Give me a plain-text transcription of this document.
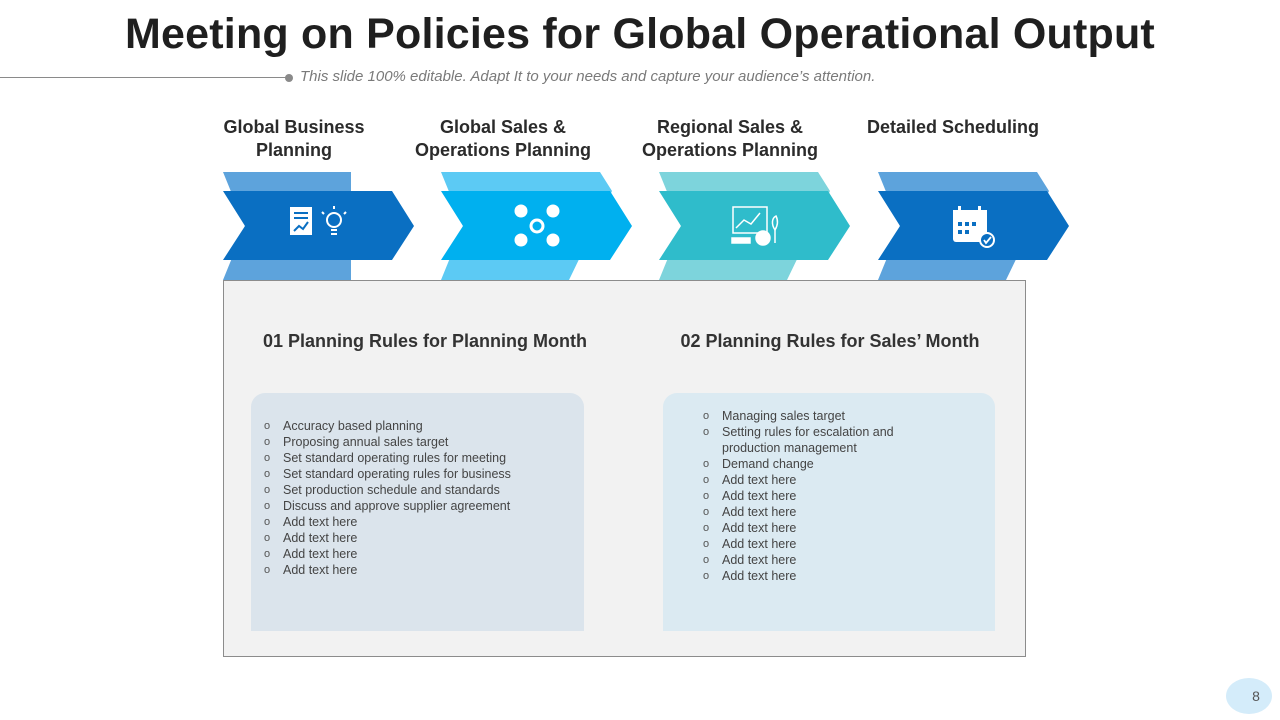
Meeting on Policies for Global Operational Output
This slide 100% editable. Adapt It to your needs and capture your audience’s attention.
Global Business Planning
Global Sales & Operations Planning
Regional Sales & Operations Planning
Detailed Scheduling
01 Planning Rules for Planning Month	02 Planning Rules for Sales’ Month
o Accuracy based planning
o Proposing annual sales target
o Set standard operating rules for meeting
o Set standard operating rules for business
o Set production schedule and standards
o Discuss and approve supplier agreement
o Add text here
o Add text here
o Add text here
o Add text here
o Managing sales target
o Setting rules for escalation and production management
o Demand change
o Add text here
o Add text here
o Add text here
o Add text here
o Add text here
o Add text here
o Add text here
8
